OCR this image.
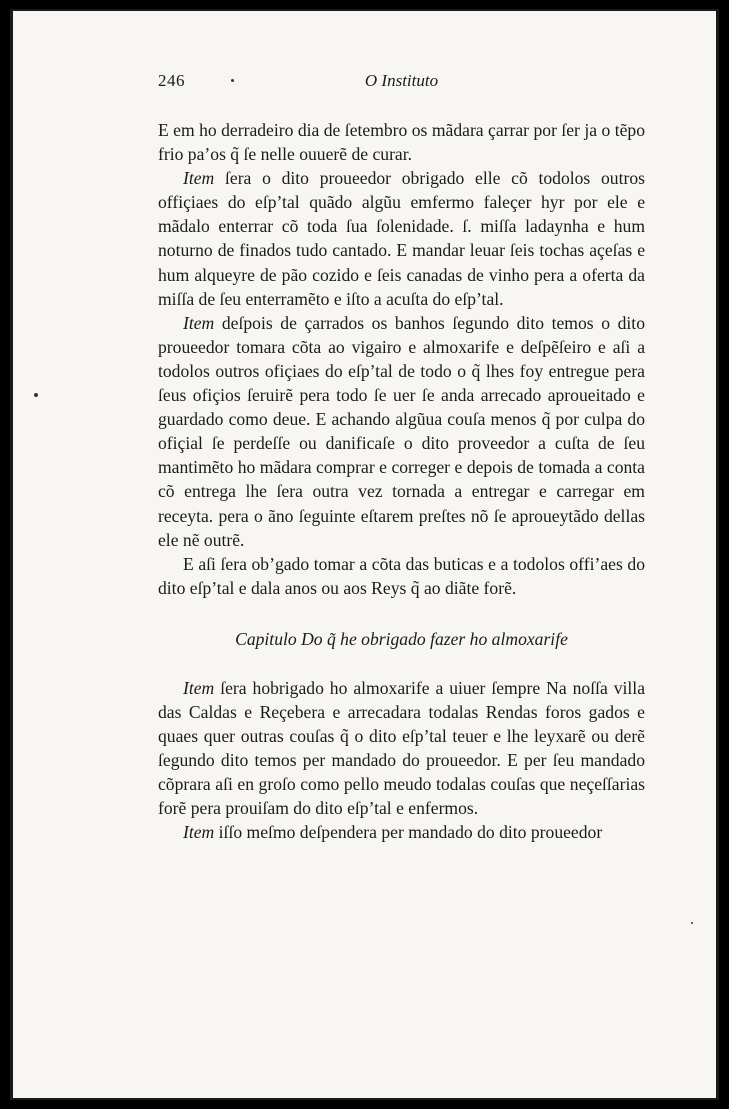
246	O Instituto

E em ho derradeiro dia de ſetembro os mãdara çarrar por ſer ja o tẽpo frio pa’os q̃ ſe nelle ouuerẽ de curar.

Item ſera o dito proueedor obrigado elle cõ todolos outros offiçiaes do eſp’tal quãdo algũu emfermo faleçer hyr por ele e mãdalo enterrar cõ toda ſua ſolenidade. ſ. miſſa ladaynha e hum noturno de finados tudo cantado. E mandar leuar ſeis tochas açeſas e hum alqueyre de pão cozido e ſeis canadas de vinho pera a oferta da miſſa de ſeu enterramẽto e iſto a acuſta do eſp’tal.

Item deſpois de çarrados os banhos ſegundo dito temos o dito proueedor tomara cõta ao vigairo e almoxarife e deſpẽſeiro e aſi a todolos outros ofiçiaes do eſp’tal de todo o q̃ lhes foy entregue pera ſeus ofiçios ſeruirẽ pera todo ſe uer ſe anda arrecado aproueitado e guardado como deue. E achando algũua couſa menos q̃ por culpa do ofiçial ſe perdeſſe ou danificaſe o dito proveedor a cuſta de ſeu mantimẽto ho mãdara comprar e correger e depois de tomada a conta cõ entrega lhe ſera outra vez tornada a entregar e carregar em receyta. pera o ãno ſeguinte eſtarem preſtes nõ ſe aproueytãdo dellas ele nẽ outrẽ.

E aſi ſera ob’gado tomar a cõta das buticas e a todolos offi’aes do dito eſp’tal e dala anos ou aos Reys q̃ ao diãte forẽ.

Capitulo Do q̃ he obrigado fazer ho almoxarife

Item ſera hobrigado ho almoxarife a uiuer ſempre Na noſſa villa das Caldas e Reçebera e arrecadara todalas Rendas foros gados e quaes quer outras couſas q̃ o dito eſp’tal teuer e lhe leyxarẽ ou derẽ ſegundo dito temos per mandado do proueedor. E per ſeu mandado cõprara aſi en groſo como pello meudo todalas couſas que neçeſſarias forẽ pera prouiſam do dito eſp’tal e enfermos.

Item iſſo meſmo deſpendera per mandado do dito proueedor
